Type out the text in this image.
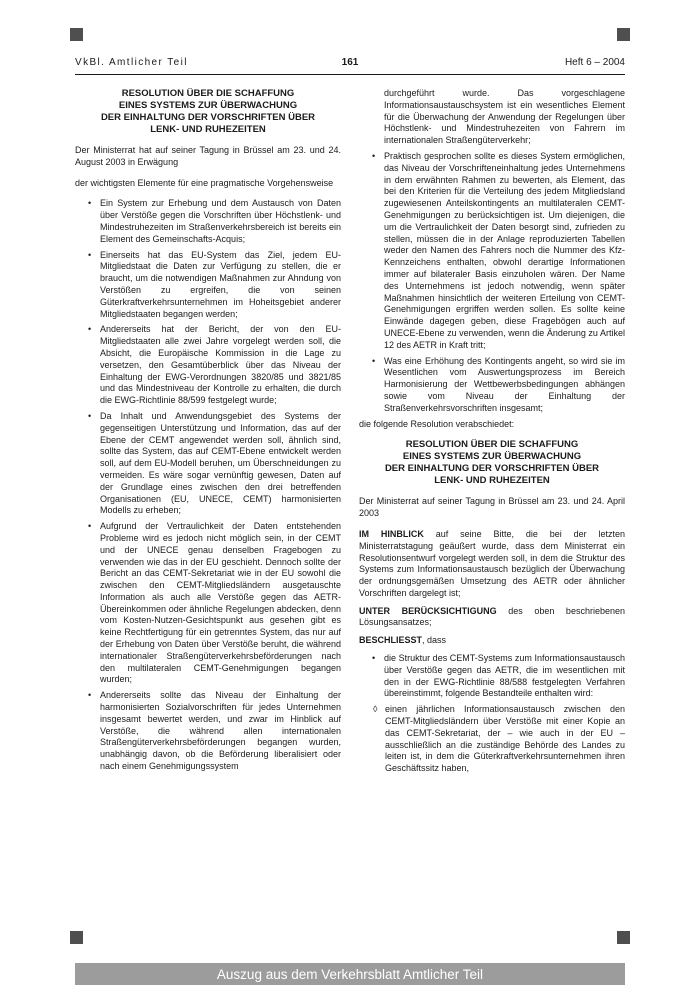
VkBl. Amtlicher Teil	161	Heft 6 – 2004
RESOLUTION ÜBER DIE SCHAFFUNG
EINES SYSTEMS ZUR ÜBERWACHUNG
DER EINHALTUNG DER VORSCHRIFTEN ÜBER
LENK- UND RUHEZEITEN

Der Ministerrat hat auf seiner Tagung in Brüssel am 23. und 24. August 2003 in Erwägung

der wichtigsten Elemente für eine pragmatische Vorgehensweise

• Ein System zur Erhebung und dem Austausch von Daten über Verstöße gegen die Vorschriften über Höchstlenk- und Mindestruhezeiten im Straßenverkehrsbereich ist bereits ein Element des Gemeinschafts-Acquis;
• Einerseits hat das EU-System das Ziel, jedem EU-Mitgliedstaat die Daten zur Verfügung zu stellen, die er braucht, um die notwendigen Maßnahmen zur Ahndung von Verstößen zu ergreifen, die von seinen Güterkraftverkehrsunternehmen im Hoheitsgebiet anderer Mitgliedstaaten begangen werden;
• Andererseits hat der Bericht, der von den EU-Mitgliedstaaten alle zwei Jahre vorgelegt werden soll, die Absicht, die Europäische Kommission in die Lage zu versetzen, den Gesamtüberblick über das Niveau der Einhaltung der EWG-Verordnungen 3820/85 und 3821/85 und das Mindestniveau der Kontrolle zu erhalten, die durch die EWG-Richtlinie 88/599 festgelegt wurde;
• Da Inhalt und Anwendungsgebiet des Systems der gegenseitigen Unterstützung und Information, das auf der Ebene der CEMT angewendet werden soll, ähnlich sind, sollte das System, das auf CEMT-Ebene entwickelt werden soll, auf dem EU-Modell beruhen, um Überschneidungen zu vermeiden. Es wäre sogar vernünftig gewesen, Daten auf der Grundlage eines zwischen den drei betreffenden Organisationen (EU, UNECE, CEMT) harmonisierten Modells zu erheben;
• Aufgrund der Vertraulichkeit der Daten entstehenden Probleme wird es jedoch nicht möglich sein, in der CEMT und der UNECE genau denselben Fragebogen zu verwenden wie das in der EU geschieht. Dennoch sollte der Bericht an das CEMT-Sekretariat wie in der EU sowohl die zwischen den CEMT-Mitgliedsländern ausgetauschte Information als auch alle Verstöße gegen das AETR-Übereinkommen oder ähnliche Regelungen abdecken, denn vom Kosten-Nutzen-Gesichtspunkt aus gesehen gibt es keine Rechtfertigung für ein getrenntes System, das nur auf der Erhebung von Daten über Verstöße beruht, die während internationaler Straßengüterverkehrsbeförderungen nach den multilateralen CEMT-Genehmigungen begangen wurden;
• Andererseits sollte das Niveau der Einhaltung der harmonisierten Sozialvorschriften für jedes Unternehmen insgesamt bewertet werden, und zwar im Hinblick auf Verstöße, die während allen internationalen Straßengüterverkehrsbeförderungen begangen wurden, unabhängig davon, ob die Beförderung liberalisiert oder nach einem Genehmigungssystem

durchgeführt wurde. Das vorgeschlagene Informationsaustauschsystem ist ein wesentliches Element für die Überwachung der Anwendung der Regelungen über Höchstlenk- und Mindestruhezeiten von Fahrern im internationalen Straßengüterverkehr;

• Praktisch gesprochen sollte es dieses System ermöglichen, das Niveau der Vorschrifteneinhaltung jedes Unternehmens in dem erwähnten Rahmen zu bewerten, als Element, das bei den Kriterien für die Verteilung des jedem Mitgliedsland zugewiesenen Anteilskontingents an multilateralen CEMT-Genehmigungen zu berücksichtigen ist. Um diejenigen, die um die Vertraulichkeit der Daten besorgt sind, zufrieden zu stellen, müssen die in der Anlage reproduzierten Tabellen weder den Namen des Fahrers noch die Nummer des Kfz-Kennzeichens enthalten, obwohl derartige Informationen immer auf bilateraler Basis einzuholen wären. Der Name des Unternehmens ist jedoch notwendig, wenn später Maßnahmen hinsichtlich der weiteren Erteilung von CEMT-Genehmigungen ergriffen werden sollen. Es sollte keine Einwände dagegen geben, diese Fragebögen auch auf UNECE-Ebene zu verwenden, wenn die Änderung zu Artikel 12 des AETR in Kraft tritt;
• Was eine Erhöhung des Kontingents angeht, so wird sie im Wesentlichen vom Auswertungsprozess im Bereich Harmonisierung der Wettbewerbsbedingungen abhängen sowie vom Niveau der Einhaltung der Straßenverkehrsvorschriften insgesamt;

die folgende Resolution verabschiedet:

RESOLUTION ÜBER DIE SCHAFFUNG
EINES SYSTEMS ZUR ÜBERWACHUNG
DER EINHALTUNG DER VORSCHRIFTEN ÜBER
LENK- UND RUHEZEITEN

Der Ministerrat auf seiner Tagung in Brüssel am 23. und 24. April 2003

IM HINBLICK auf seine Bitte, die bei der letzten Ministerratstagung geäußert wurde, dass dem Ministerrat ein Resolutionsentwurf vorgelegt werden soll, in dem die Struktur des Systems zum Informationsaustausch bezüglich der Überwachung der ordnungsgemäßen Umsetzung des AETR oder ähnlicher Vorschriften dargelegt ist;

UNTER BERÜCKSICHTIGUNG des oben beschriebenen Lösungsansatzes;

BESCHLIESST, dass

• die Struktur des CEMT-Systems zum Informationsaustausch über Verstöße gegen das AETR, die im wesentlichen mit den in der EWG-Richtlinie 88/588 festgelegten Verfahren übereinstimmt, folgende Bestandteile enthalten wird:
◊ einen jährlichen Informationsaustausch zwischen den CEMT-Mitgliedsländern über Verstöße mit einer Kopie an das CEMT-Sekretariat, der – wie auch in der EU – ausschließlich an die zuständige Behörde des Landes zu leiten ist, in dem die Güterkraftverkehrsunternehmen ihren Geschäftssitz haben,
Auszug aus dem Verkehrsblatt Amtlicher Teil
